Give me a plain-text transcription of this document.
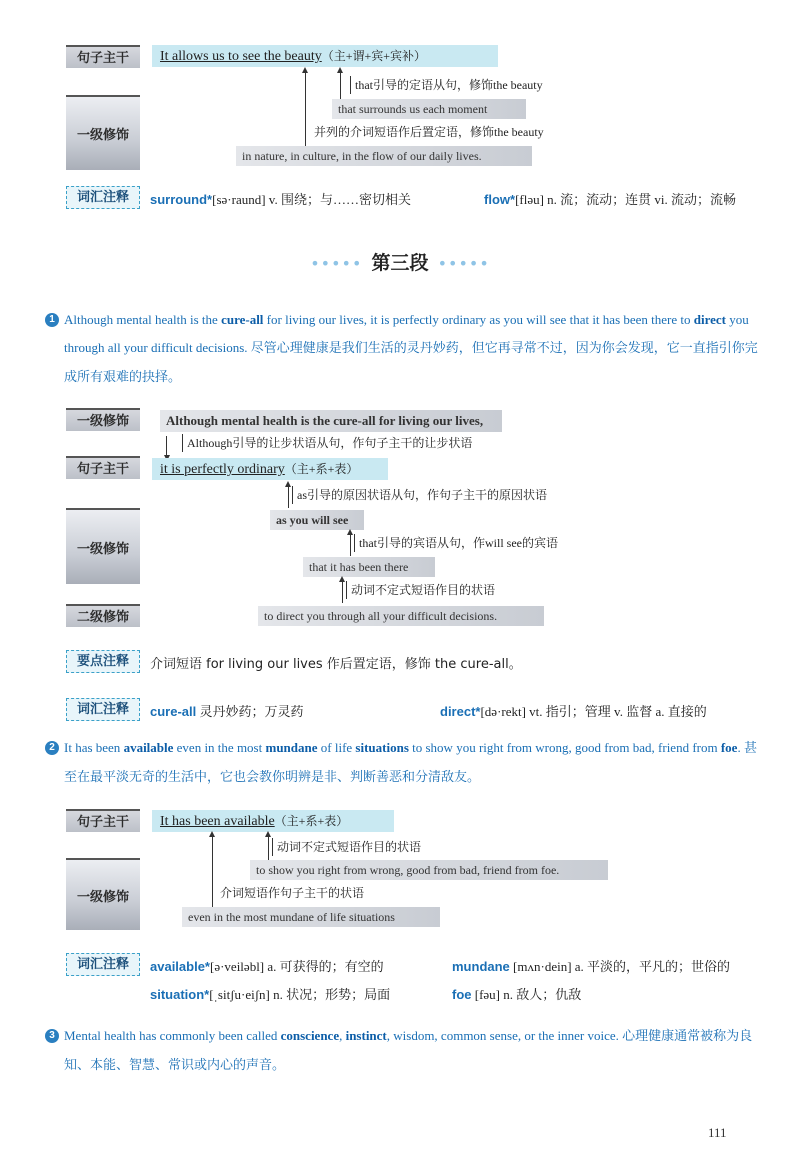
句子主干
一级修饰
It allows us to see the beauty（主+谓+宾+宾补）
that引导的定语从句，修饰the beauty
that surrounds us each moment
并列的介词短语作后置定语，修饰the beauty
in nature, in culture, in the flow of our daily lives.
词汇注释	surround*[sə·raund] v. 围绕；与……密切相关	flow*[fləu] n. 流；流动；连贯 vi. 流动；流畅
••••• 第三段 •••••
1 Although mental health is the cure-all for living our lives, it is perfectly ordinary as you will see that it has been there to direct you through all your difficult decisions. 尽管心理健康是我们生活的灵丹妙药，但它再寻常不过，因为你会发现，它一直指引你完成所有艰难的抉择。
一级修饰	Although mental health is the cure-all for living our lives,
Although引导的让步状语从句，作句子主干的让步状语
句子主干	it is perfectly ordinary（主+系+表）
一级修饰
as引导的原因状语从句，作句子主干的原因状语
as you will see
that引导的宾语从句，作will see的宾语
that it has been there
动词不定式短语作目的状语
二级修饰	to direct you through all your difficult decisions.
要点注释	介词短语 for living our lives 作后置定语，修饰 the cure-all。
词汇注释	cure-all 灵丹妙药；万灵药	direct*[də·rekt] vt. 指引；管理 v. 监督 a. 直接的
2 It has been available even in the most mundane of life situations to show you right from wrong, good from bad, friend from foe. 甚至在最平淡无奇的生活中，它也会教你明辨是非、判断善恶和分清敌友。
句子主干	It has been available（主+系+表）
一级修饰
动词不定式短语作目的状语
to show you right from wrong, good from bad, friend from foe.
介词短语作句子主干的状语
even in the most mundane of life situations
词汇注释	available*[ə·veiləbl] a. 可获得的；有空的	mundane [mʌn·dein] a. 平淡的，平凡的；世俗的
situation*[ˌsitʃu·eiʃn] n. 状况；形势；局面	foe [fəu] n. 敌人；仇敌
3 Mental health has commonly been called conscience, instinct, wisdom, common sense, or the inner voice. 心理健康通常被称为良知、本能、智慧、常识或内心的声音。
111
